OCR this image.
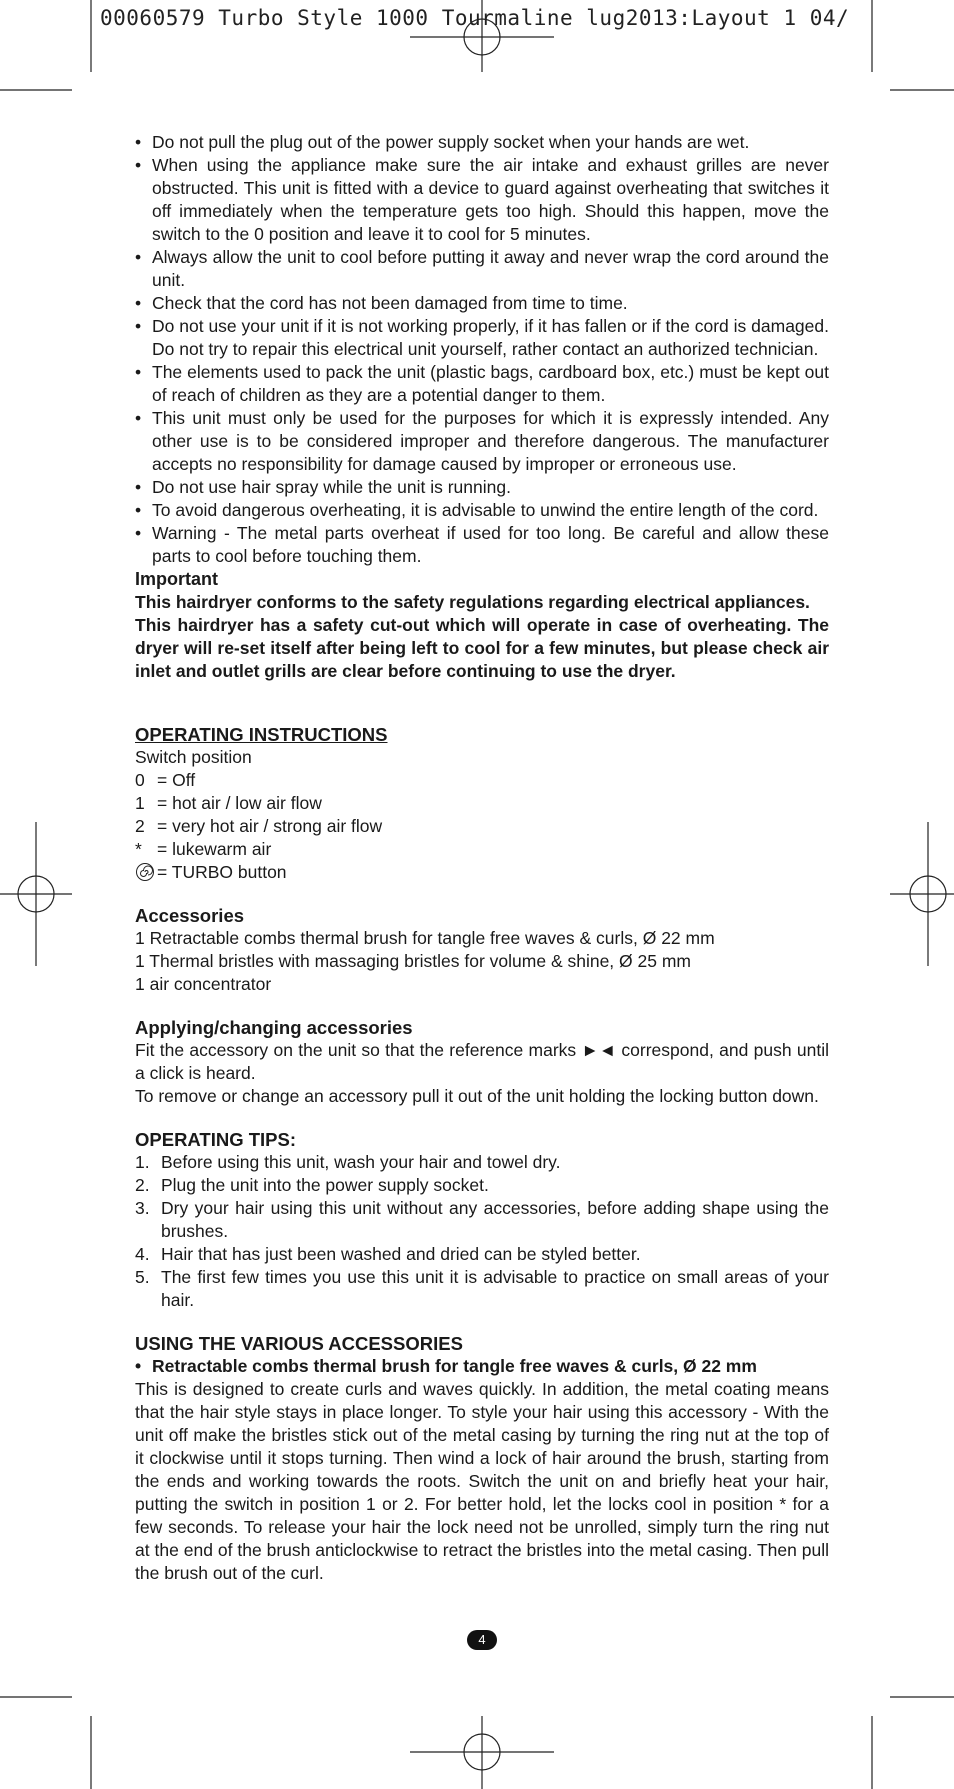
00060579 Turbo Style 1000 Tourmaline lug2013:Layout 1 04/
• Do not pull the plug out of the power supply socket when your hands are wet.
• When using the appliance make sure the air intake and exhaust grilles are never obstructed. This unit is fitted with a device to guard against overheating that switches it off immediately when the temperature gets too high. Should this happen, move the switch to the 0 position and leave it to cool for 5 minutes.
• Always allow the unit to cool before putting it away and never wrap the cord around the unit.
• Check that the cord has not been damaged from time to time.
• Do not use your unit if it is not working properly, if it has fallen or if the cord is damaged. Do not try to repair this electrical unit yourself, rather contact an authorized technician.
• The elements used to pack the unit (plastic bags, cardboard box, etc.) must be kept out of reach of children as they are a potential danger to them.
• This unit must only be used for the purposes for which it is expressly intended. Any other use is to be considered improper and therefore dangerous. The manufacturer accepts no responsibility for damage caused by improper or erroneous use.
• Do not use hair spray while the unit is running.
• To avoid dangerous overheating, it is advisable to unwind the entire length of the cord.
• Warning - The metal parts overheat if used for too long. Be careful and allow these parts to cool before touching them.

Important

This hairdryer conforms to the safety regulations regarding electrical appliances.

This hairdryer has a safety cut-out which will operate in case of overheating. The dryer will re-set itself after being left to cool for a few minutes, but please check air inlet and outlet grills are clear before continuing to use the dryer.

OPERATING INSTRUCTIONS

Switch position

0 = Off
1 = hot air / low air flow
2 = very hot air / strong air flow
* = lukewarm air
= TURBO button

Accessories

1 Retractable combs thermal brush for tangle free waves & curls, Ø 22 mm

1 Thermal bristles with massaging bristles for volume & shine, Ø 25 mm

1 air concentrator

Applying/changing accessories

Fit the accessory on the unit so that the reference marks ►◄ correspond, and push until a click is heard.

To remove or change an accessory pull it out of the unit holding the locking button down.

OPERATING TIPS:

1. Before using this unit, wash your hair and towel dry.
2. Plug the unit into the power supply socket.
3. Dry your hair using this unit without any accessories, before adding shape using the brushes.
4. Hair that has just been washed and dried can be styled better.
5. The first few times you use this unit it is advisable to practice on small areas of your hair.

USING THE VARIOUS ACCESSORIES

• Retractable combs thermal brush for tangle free waves & curls, Ø 22 mm

This is designed to create curls and waves quickly. In addition, the metal coating means that the hair style stays in place longer. To style your hair using this accessory - With the unit off make the bristles stick out of the metal casing by turning the ring nut at the top of it clockwise until it stops turning. Then wind a lock of hair around the brush, starting from the ends and working towards the roots. Switch the unit on and briefly heat your hair, putting the switch in position 1 or 2. For better hold, let the locks cool in position * for a few seconds. To release your hair the lock need not be unrolled, simply turn the ring nut at the end of the brush anticlockwise to retract the bristles into the metal casing. Then pull the brush out of the curl.

4
